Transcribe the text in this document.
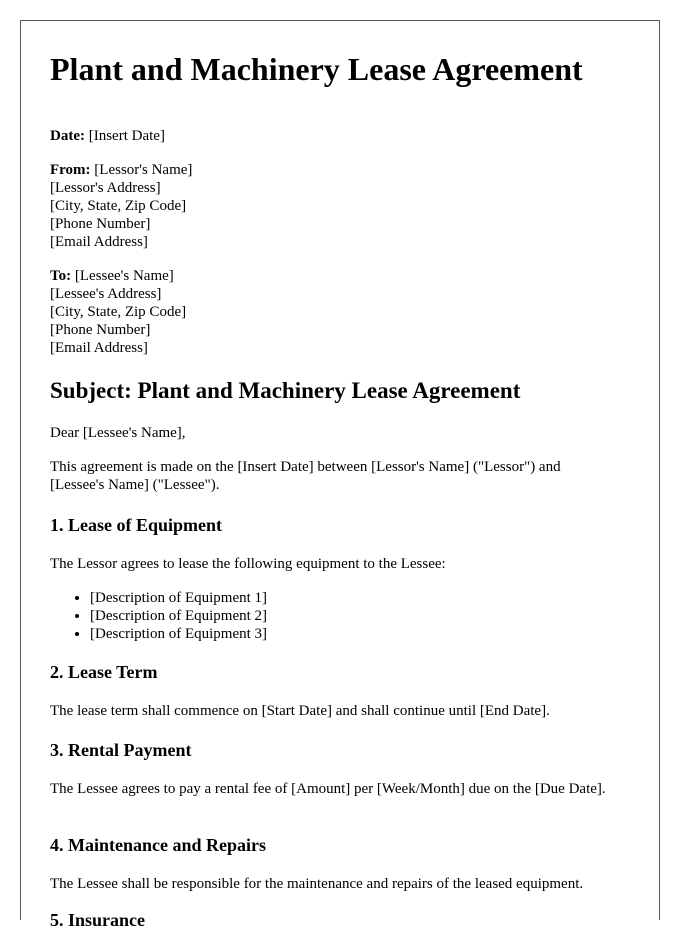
Plant and Machinery Lease Agreement
Date: [Insert Date]
From: [Lessor's Name]
[Lessor's Address]
[City, State, Zip Code]
[Phone Number]
[Email Address]
To: [Lessee's Name]
[Lessee's Address]
[City, State, Zip Code]
[Phone Number]
[Email Address]
Subject: Plant and Machinery Lease Agreement

Dear [Lessee's Name],

This agreement is made on the [Insert Date] between [Lessor's Name] ("Lessor") and [Lessee's Name] ("Lessee").

1. Lease of Equipment

The Lessor agrees to lease the following equipment to the Lessee:

• [Description of Equipment 1]
• [Description of Equipment 2]
• [Description of Equipment 3]
2. Lease Term

The lease term shall commence on [Start Date] and shall continue until [End Date].

3. Rental Payment

The Lessee agrees to pay a rental fee of [Amount] per [Week/Month] due on the [Due Date].

4. Maintenance and Repairs

The Lessee shall be responsible for the maintenance and repairs of the leased equipment.

5. Insurance
